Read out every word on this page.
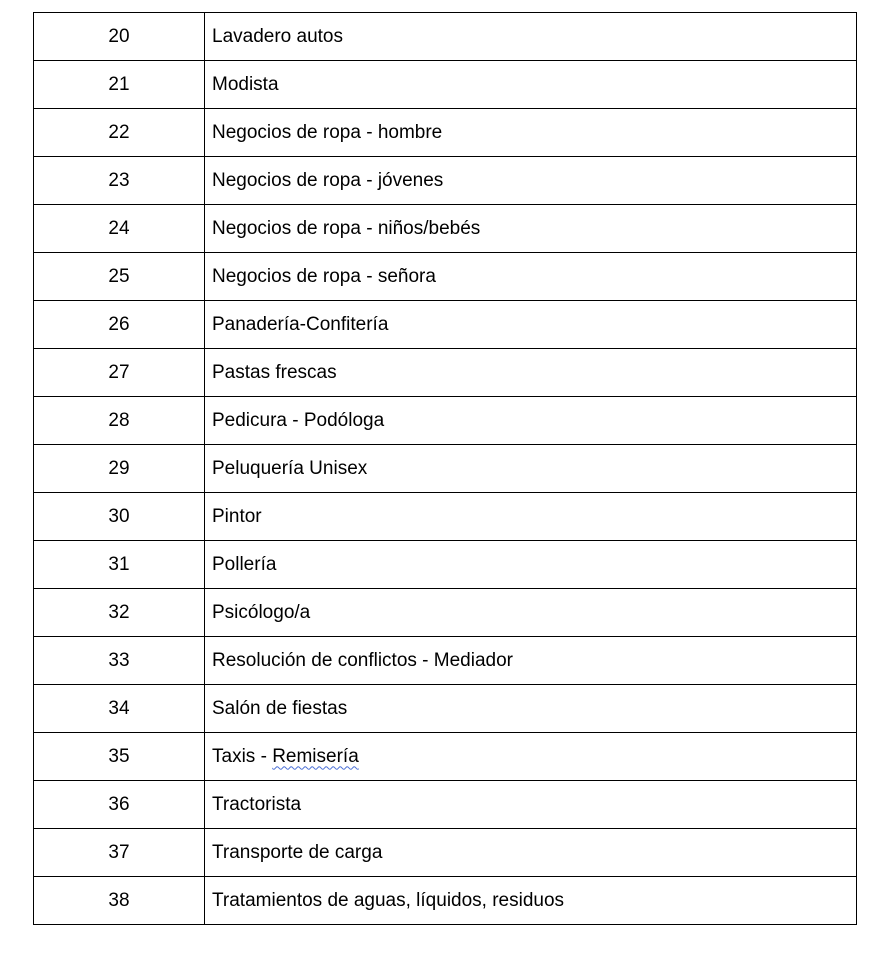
20	Lavadero autos
21	Modista
22	Negocios de ropa - hombre
23	Negocios de ropa - jóvenes
24	Negocios de ropa - niños/bebés
25	Negocios de ropa - señora
26	Panadería-Confitería
27	Pastas frescas
28	Pedicura - Podóloga
29	Peluquería Unisex
30	Pintor
31	Pollería
32	Psicólogo/a
33	Resolución de conflictos - Mediador
34	Salón de fiestas
35	Taxis - Remisería
36	Tractorista
37	Transporte de carga
38	Tratamientos de aguas, líquidos, residuos
